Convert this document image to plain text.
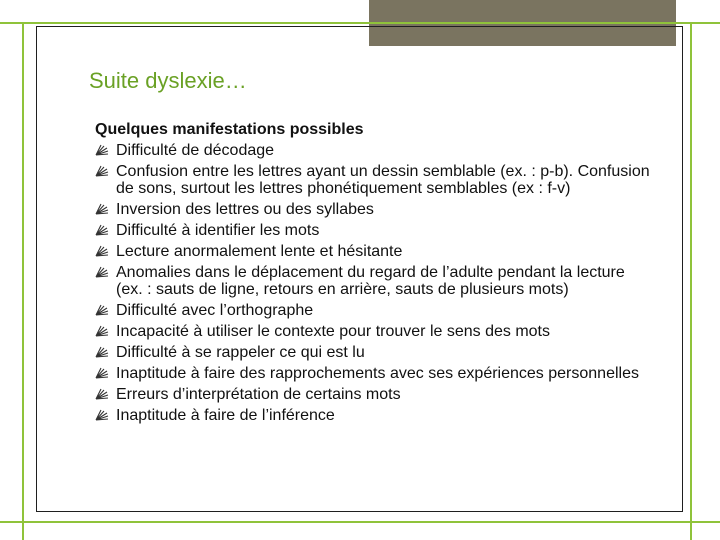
Suite dyslexie…
Quelques manifestations possibles
Difficulté de décodage
Confusion entre les lettres ayant un dessin semblable (ex. : p-b). Confusion de sons, surtout les lettres phonétiquement semblables (ex : f-v)
Inversion des lettres ou des syllabes
Difficulté à identifier les mots
Lecture anormalement lente et hésitante
Anomalies dans le déplacement du regard de l’adulte pendant la lecture (ex. : sauts de ligne, retours en arrière, sauts de plusieurs mots)
Difficulté avec l’orthographe
Incapacité à utiliser le contexte pour trouver le sens des mots
Difficulté à se rappeler ce qui est lu
Inaptitude à faire des rapprochements avec ses expériences personnelles
Erreurs d’interprétation de certains mots
Inaptitude à faire de l’inférence
